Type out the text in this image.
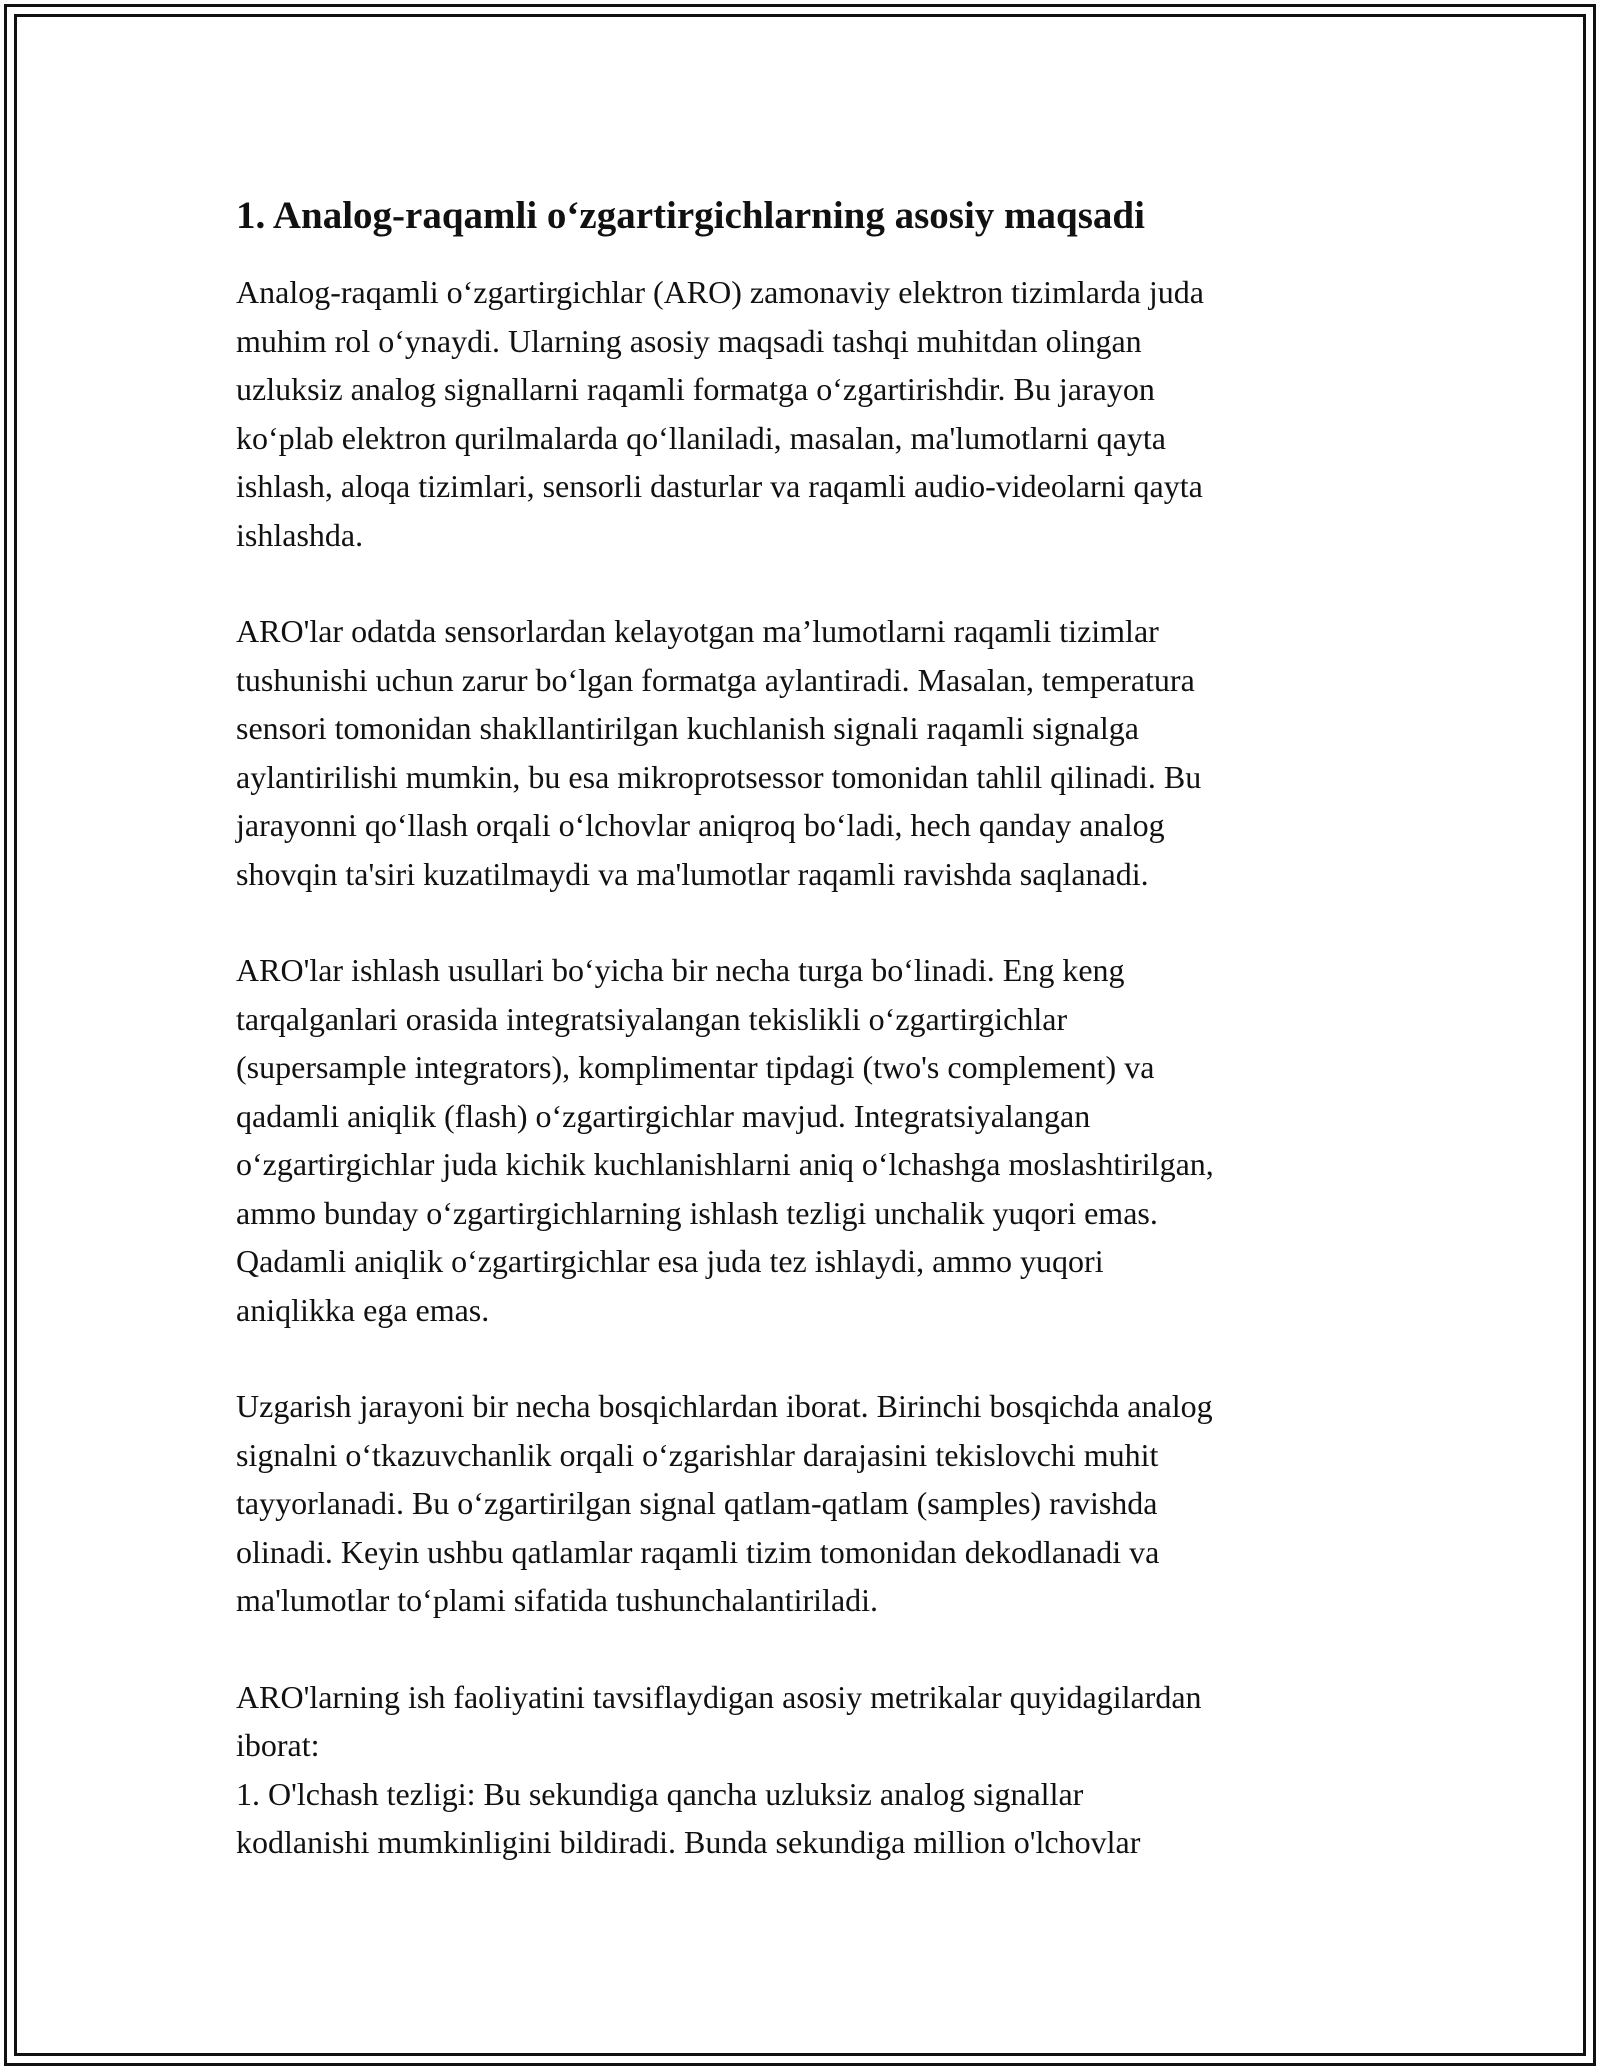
1. Analog-raqamli o‘zgartirgichlarning asosiy maqsadi

Analog-raqamli o‘zgartirgichlar (ARO) zamonaviy elektron tizimlarda juda
muhim rol o‘ynaydi. Ularning asosiy maqsadi tashqi muhitdan olingan
uzluksiz analog signallarni raqamli formatga o‘zgartirishdir. Bu jarayon
ko‘plab elektron qurilmalarda qo‘llaniladi, masalan, ma'lumotlarni qayta
ishlash, aloqa tizimlari, sensorli dasturlar va raqamli audio-videolarni qayta
ishlashda.

ARO'lar odatda sensorlardan kelayotgan ma’lumotlarni raqamli tizimlar
tushunishi uchun zarur bo‘lgan formatga aylantiradi. Masalan, temperatura
sensori tomonidan shakllantirilgan kuchlanish signali raqamli signalga
aylantirilishi mumkin, bu esa mikroprotsessor tomonidan tahlil qilinadi. Bu
jarayonni qo‘llash orqali o‘lchovlar aniqroq bo‘ladi, hech qanday analog
shovqin ta'siri kuzatilmaydi va ma'lumotlar raqamli ravishda saqlanadi.

ARO'lar ishlash usullari bo‘yicha bir necha turga bo‘linadi. Eng keng
tarqalganlari orasida integratsiyalangan tekislikli o‘zgartirgichlar
(supersample integrators), komplimentar tipdagi (two's complement) va
qadamli aniqlik (flash) o‘zgartirgichlar mavjud. Integratsiyalangan
o‘zgartirgichlar juda kichik kuchlanishlarni aniq o‘lchashga moslashtirilgan,
ammo bunday o‘zgartirgichlarning ishlash tezligi unchalik yuqori emas.
Qadamli aniqlik o‘zgartirgichlar esa juda tez ishlaydi, ammo yuqori
aniqlikka ega emas.

Uzgarish jarayoni bir necha bosqichlardan iborat. Birinchi bosqichda analog
signalni o‘tkazuvchanlik orqali o‘zgarishlar darajasini tekislovchi muhit
tayyorlanadi. Bu o‘zgartirilgan signal qatlam-qatlam (samples) ravishda
olinadi. Keyin ushbu qatlamlar raqamli tizim tomonidan dekodlanadi va
ma'lumotlar to‘plami sifatida tushunchalantiriladi.

ARO'larning ish faoliyatini tavsiflaydigan asosiy metrikalar quyidagilardan
iborat:
1. O'lchash tezligi: Bu sekundiga qancha uzluksiz analog signallar
kodlanishi mumkinligini bildiradi. Bunda sekundiga million o'lchovlar
